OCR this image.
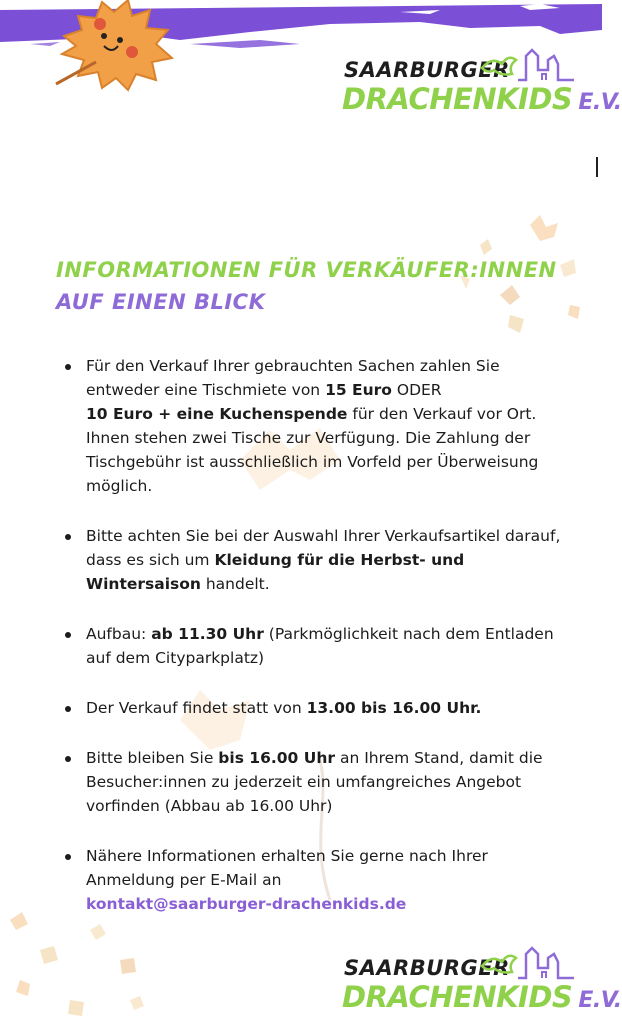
SAARBURGER
DRACHENKIDS E.V.
INFORMATIONEN FÜR VERKÄUFER:INNEN
AUF EINEN BLICK
Für den Verkauf Ihrer gebrauchten Sachen zahlen Sie entweder eine Tischmiete von 15 Euro ODER
10 Euro + eine Kuchenspende für den Verkauf vor Ort. Ihnen stehen zwei Tische zur Verfügung. Die Zahlung der Tischgebühr ist ausschließlich im Vorfeld per Überweisung möglich.
Bitte achten Sie bei der Auswahl Ihrer Verkaufsartikel darauf, dass es sich um Kleidung für die Herbst- und Wintersaison handelt.
Aufbau: ab 11.30 Uhr (Parkmöglichkeit nach dem Entladen auf dem Cityparkplatz)
Der Verkauf findet statt von 13.00 bis 16.00 Uhr.
Bitte bleiben Sie bis 16.00 Uhr an Ihrem Stand, damit die Besucher:innen zu jederzeit ein umfangreiches Angebot vorfinden (Abbau ab 16.00 Uhr)
Nähere Informationen erhalten Sie gerne nach Ihrer Anmeldung per E-Mail an
kontakt@saarburger-drachenkids.de
SAARBURGER
DRACHENKIDS E.V.
